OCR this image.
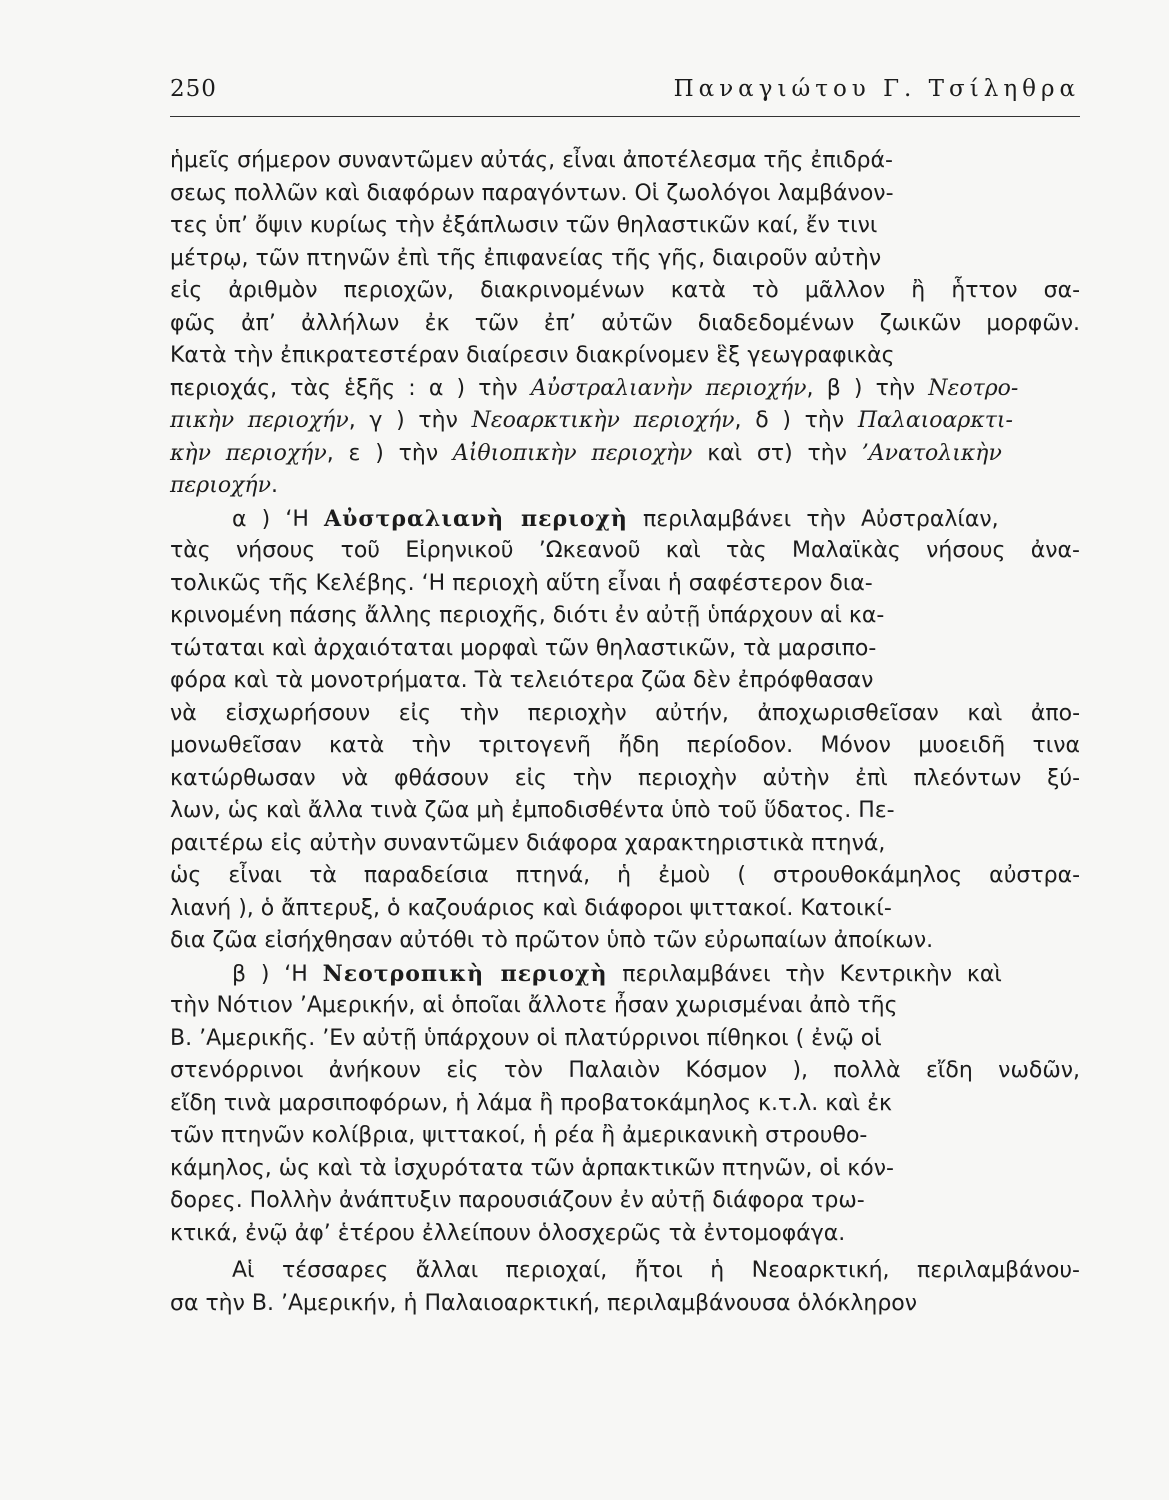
250	Παναγιώτου Γ. Τσίληθρα
ἡμεῖς σήμερον συναντῶμεν αὐτάς, εἶναι ἀποτέλεσμα τῆς ἐπιδρά-
σεως πολλῶν καὶ διαφόρων παραγόντων. Οἱ ζωολόγοι λαμβάνον-
τες ὑπ’ ὄψιν κυρίως τὴν ἐξάπλωσιν τῶν θηλαστικῶν καί, ἔν τινι
μέτρῳ, τῶν πτηνῶν ἐπὶ τῆς ἐπιφανείας τῆς γῆς, διαιροῦν αὐτὴν
εἰς ἀριθμὸν περιοχῶν, διακρινομένων κατὰ τὸ μᾶλλον ἢ ἧττον σα-
φῶς ἀπ’ ἀλλήλων ἐκ τῶν ἐπ’ αὐτῶν διαδεδομένων ζωικῶν μορφῶν.
Κατὰ τὴν ἐπικρατεστέραν διαίρεσιν διακρίνομεν ἓξ γεωγραφικὰς
περιοχάς, τὰς ἑξῆς : α ) τὴν Αὐστραλιανὴν περιοχήν, β ) τὴν Νεοτρο-
πικὴν περιοχήν, γ ) τὴν Νεοαρκτικὴν περιοχήν, δ ) τὴν Παλαιοαρκτι-
κὴν περιοχήν, ε ) τὴν Αἰθιοπικὴν περιοχὴν καὶ στ) τὴν ’Ανατολικὴν
περιοχήν.
α ) ‘Η Αὐστραλιανὴ περιοχὴ περιλαμβάνει τὴν Αὐστραλίαν,
τὰς νήσους τοῦ Εἰρηνικοῦ ’Ωκεανοῦ καὶ τὰς Μαλαϊκὰς νήσους ἀνα-
τολικῶς τῆς Κελέβης. ‘Η περιοχὴ αὕτη εἶναι ἡ σαφέστερον δια-
κρινομένη πάσης ἄλλης περιοχῆς, διότι ἐν αὐτῇ ὑπάρχουν αἱ κα-
τώταται καὶ ἀρχαιόταται μορφαὶ τῶν θηλαστικῶν, τὰ μαρσιπο-
φόρα καὶ τὰ μονοτρήματα. Τὰ τελειότερα ζῶα δὲν ἐπρόφθασαν
νὰ εἰσχωρήσουν εἰς τὴν περιοχὴν αὐτήν, ἀποχωρισθεῖσαν καὶ ἀπο-
μονωθεῖσαν κατὰ τὴν τριτογενῆ ἤδη περίοδον. Μόνον μυοειδῆ τινα
κατώρθωσαν νὰ φθάσουν εἰς τὴν περιοχὴν αὐτὴν ἐπὶ πλεόντων ξύ-
λων, ὡς καὶ ἄλλα τινὰ ζῶα μὴ ἐμποδισθέντα ὑπὸ τοῦ ὕδατος. Πε-
ραιτέρω εἰς αὐτὴν συναντῶμεν διάφορα χαρακτηριστικὰ πτηνά,
ὡς εἶναι τὰ παραδείσια πτηνά, ἡ ἐμοὺ ( στρουθοκάμηλος αὐστρα-
λιανή ), ὁ ἄπτερυξ, ὁ καζουάριος καὶ διάφοροι ψιττακοί. Κατοικί-
δια ζῶα εἰσήχθησαν αὐτόθι τὸ πρῶτον ὑπὸ τῶν εὐρωπαίων ἀποίκων.
β ) ‘Η Νεοτροπικὴ περιοχὴ περιλαμβάνει τὴν Κεντρικὴν καὶ
τὴν Νότιον ’Αμερικήν, αἱ ὁποῖαι ἄλλοτε ἦσαν χωρισμέναι ἀπὸ τῆς
Β. ’Αμερικῆς. ’Εν αὐτῇ ὑπάρχουν οἱ πλατύρρινοι πίθηκοι ( ἐνῷ οἱ
στενόρρινοι ἀνήκουν εἰς τὸν Παλαιὸν Κόσμον ), πολλὰ εἴδη νωδῶν,
εἴδη τινὰ μαρσιποφόρων, ἡ λάμα ἢ προβατοκάμηλος κ.τ.λ. καὶ ἐκ
τῶν πτηνῶν κολίβρια, ψιττακοί, ἡ ρέα ἢ ἀμερικανικὴ στρουθο-
κάμηλος, ὡς καὶ τὰ ἰσχυρότατα τῶν ἁρπακτικῶν πτηνῶν, οἱ κόν-
δορες. Πολλὴν ἀνάπτυξιν παρουσιάζουν ἐν αὐτῇ διάφορα τρω-
κτικά, ἐνῷ ἀφ’ ἑτέρου ἐλλείπουν ὁλοσχερῶς τὰ ἐντομοφάγα.
Αἱ τέσσαρες ἄλλαι περιοχαί, ἤτοι ἡ Νεοαρκτική, περιλαμβάνου-
σα τὴν Β. ’Αμερικήν, ἡ Παλαιοαρκτική, περιλαμβάνουσα ὁλόκληρον
